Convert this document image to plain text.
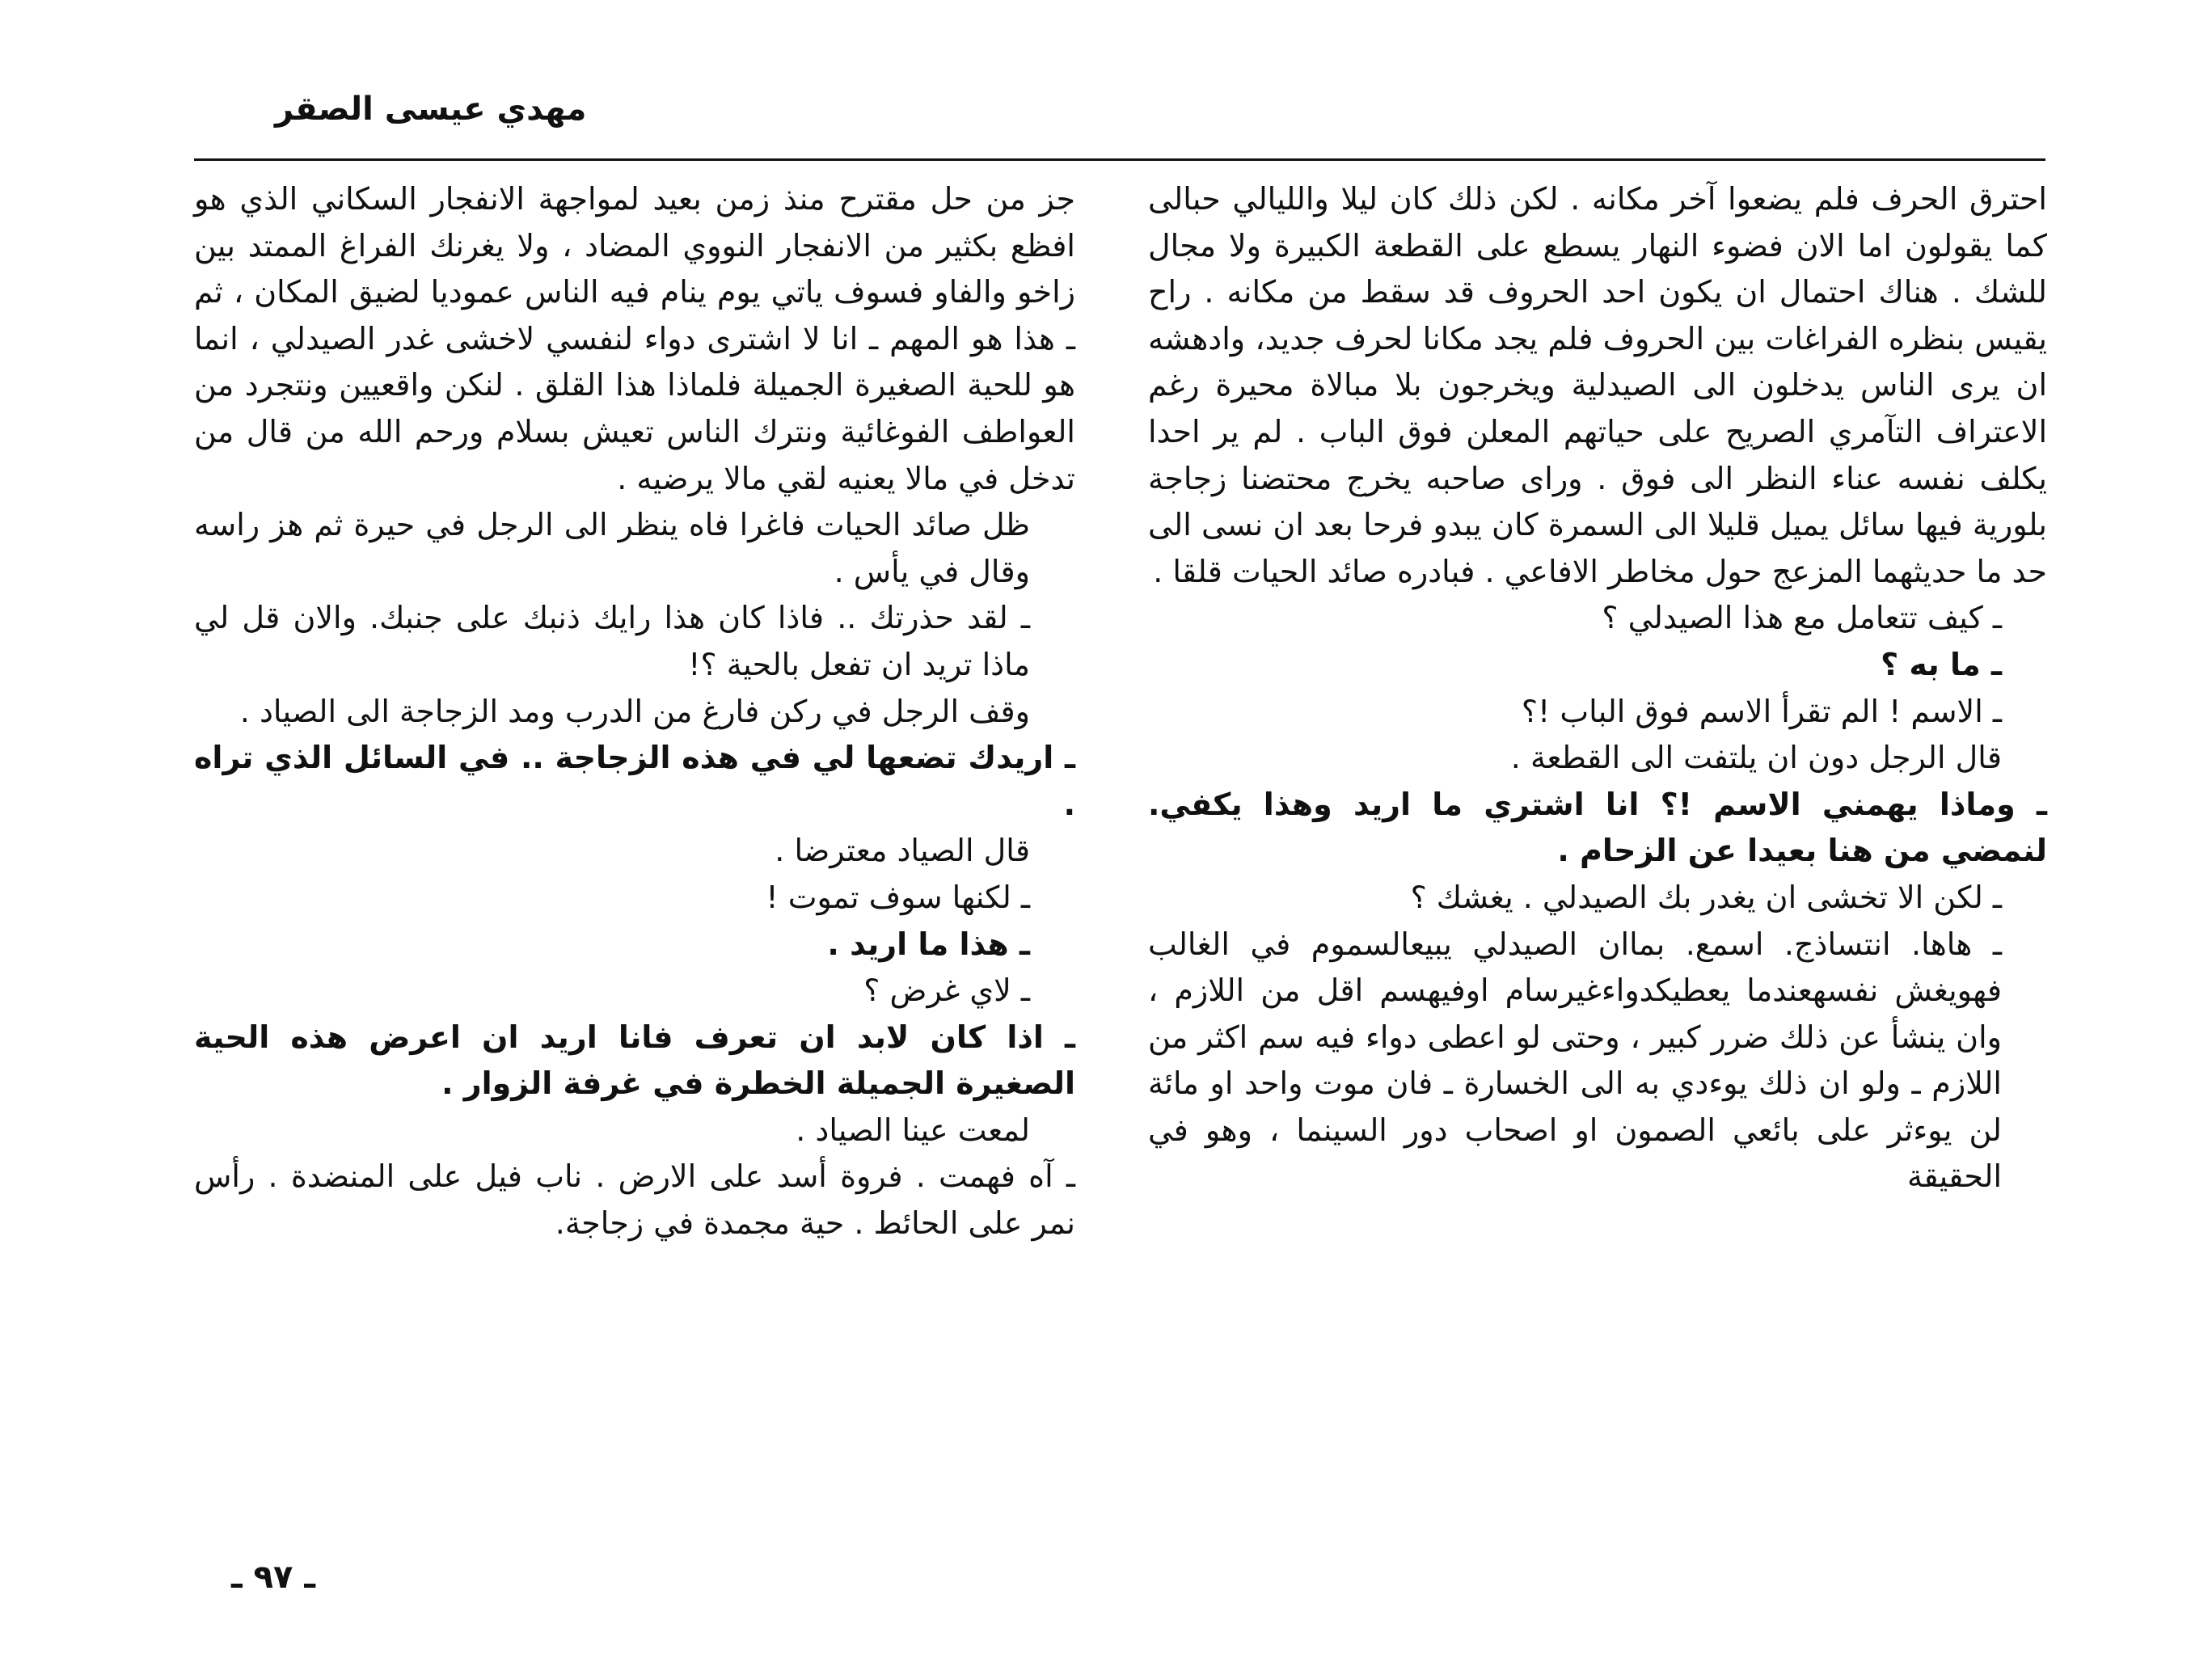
مهدي عيسى الصقر

احترق الحرف فلم يضعوا آخر مكانه . لكن ذلك كان ليلا والليالي حبالى كما يقولون اما الان فضوء النهار يسطع على القطعة الكبيرة ولا مجال للشك . هناك احتمال ان يكون احد الحروف قد سقط من مكانه . راح يقيس بنظره الفراغات بين الحروف فلم يجد مكانا لحرف جديد، وادهشه ان يرى الناس يدخلون الى الصيدلية ويخرجون بلا مبالاة محيرة رغم الاعتراف التآمري الصريح على حياتهم المعلن فوق الباب . لم ير احدا يكلف نفسه عناء النظر الى فوق . وراى صاحبه يخرج محتضنا زجاجة بلورية فيها سائل يميل قليلا الى السمرة كان يبدو فرحا بعد ان نسى الى حد ما حديثهما المزعج حول مخاطر الافاعي . فبادره صائد الحيات قلقا .

ـ كيف تتعامل مع هذا الصيدلي ؟

ـ ما به ؟

ـ الاسم ! الم تقرأ الاسم فوق الباب !؟

قال الرجل دون ان يلتفت الى القطعة .

ـ وماذا يهمني الاسم !؟ انا اشتري ما اريد وهذا يكفي. لنمضي من هنا بعيدا عن الزحام .

ـ لكن الا تخشى ان يغدر بك الصيدلي . يغشك ؟

ـ هاها. انتساذج. اسمع. بماان الصيدلي يبيعالسموم في الغالب فهويغش نفسهعندما يعطيكدواءغيرسام اوفيهسم اقل من اللازم ، وان ينشأ عن ذلك ضرر كبير ، وحتى لو اعطى دواء فيه سم اكثر من اللازم ـ ولو ان ذلك يوءدي به الى الخسارة ـ فان موت واحد او مائة لن يوءثر على بائعي الصمون او اصحاب دور السينما ، وهو في الحقيقة

جز من حل مقترح منذ زمن بعيد لمواجهة الانفجار السكاني الذي هو افظع بكثير من الانفجار النووي المضاد ، ولا يغرنك الفراغ الممتد بين زاخو والفاو فسوف ياتي يوم ينام فيه الناس عموديا لضيق المكان ، ثم ـ هذا هو المهم ـ انا لا اشترى دواء لنفسي لاخشى غدر الصيدلي ، انما هو للحية الصغيرة الجميلة فلماذا هذا القلق . لنكن واقعيين ونتجرد من العواطف الفوغائية ونترك الناس تعيش بسلام ورحم الله من قال من تدخل في مالا يعنيه لقي مالا يرضيه .

ظل صائد الحيات فاغرا فاه ينظر الى الرجل في حيرة ثم هز راسه وقال في يأس .

ـ لقد حذرتك .. فاذا كان هذا رايك ذنبك على جنبك. والان قل لي ماذا تريد ان تفعل بالحية ؟!

وقف الرجل في ركن فارغ من الدرب ومد الزجاجة الى الصياد .

ـ اريدك تضعها لي في هذه الزجاجة .. في السائل الذي تراه .

قال الصياد معترضا .

ـ لكنها سوف تموت !

ـ هذا ما اريد .

ـ لاي غرض ؟

ـ اذا كان لابد ان تعرف فانا اريد ان اعرض هذه الحية الصغيرة الجميلة الخطرة في غرفة الزوار .

لمعت عينا الصياد .

ـ آه فهمت . فروة أسد على الارض . ناب فيل على المنضدة . رأس نمر على الحائط . حية مجمدة في زجاجة.

ـ ٩٧ ـ
